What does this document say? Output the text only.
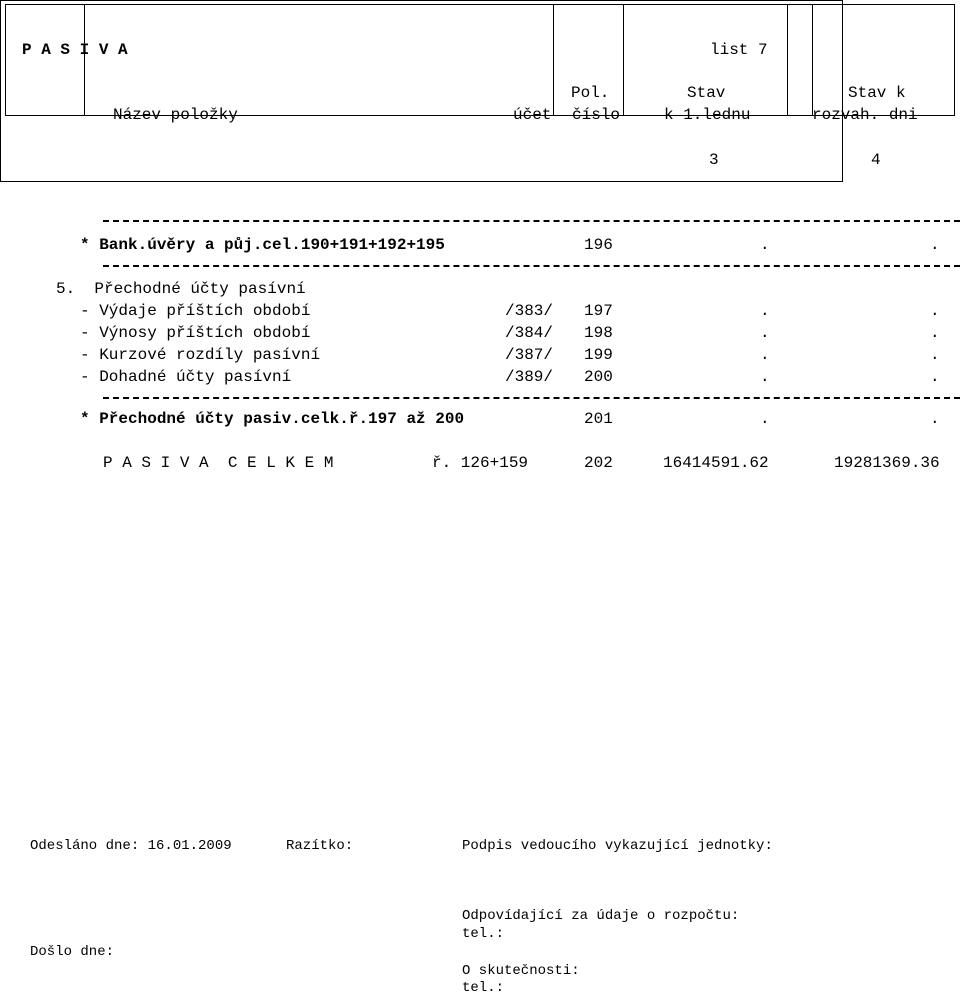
P A S I V A	list 7
Pol.	Stav	Stav k
Název položky	účet číslo	k 1.lednu	rozvah. dni
3	4
* Bank.úvěry a půj.cel.190+191+192+195	196	.	.
5.  Přechodné účty pasívní
- Výdaje příštích období	/383/ 197	.	.
- Výnosy příštích období	/384/ 198	.	.
- Kurzové rozdíly pasívní	/387/ 199	.	.
- Dohadné účty pasívní	/389/ 200	.	.
* Přechodné účty pasiv.celk.ř.197 až 200	201	.	.
P A S I V A  C E L K E M	ř. 126+159	202	16414591.62	19281369.36
Odesláno dne: 16.01.2009	Razítko:	Podpis vedoucího vykazující jednotky:
Odpovídající za údaje o rozpočtu:
tel.:
Došlo dne:
O skutečnosti:
tel.:
